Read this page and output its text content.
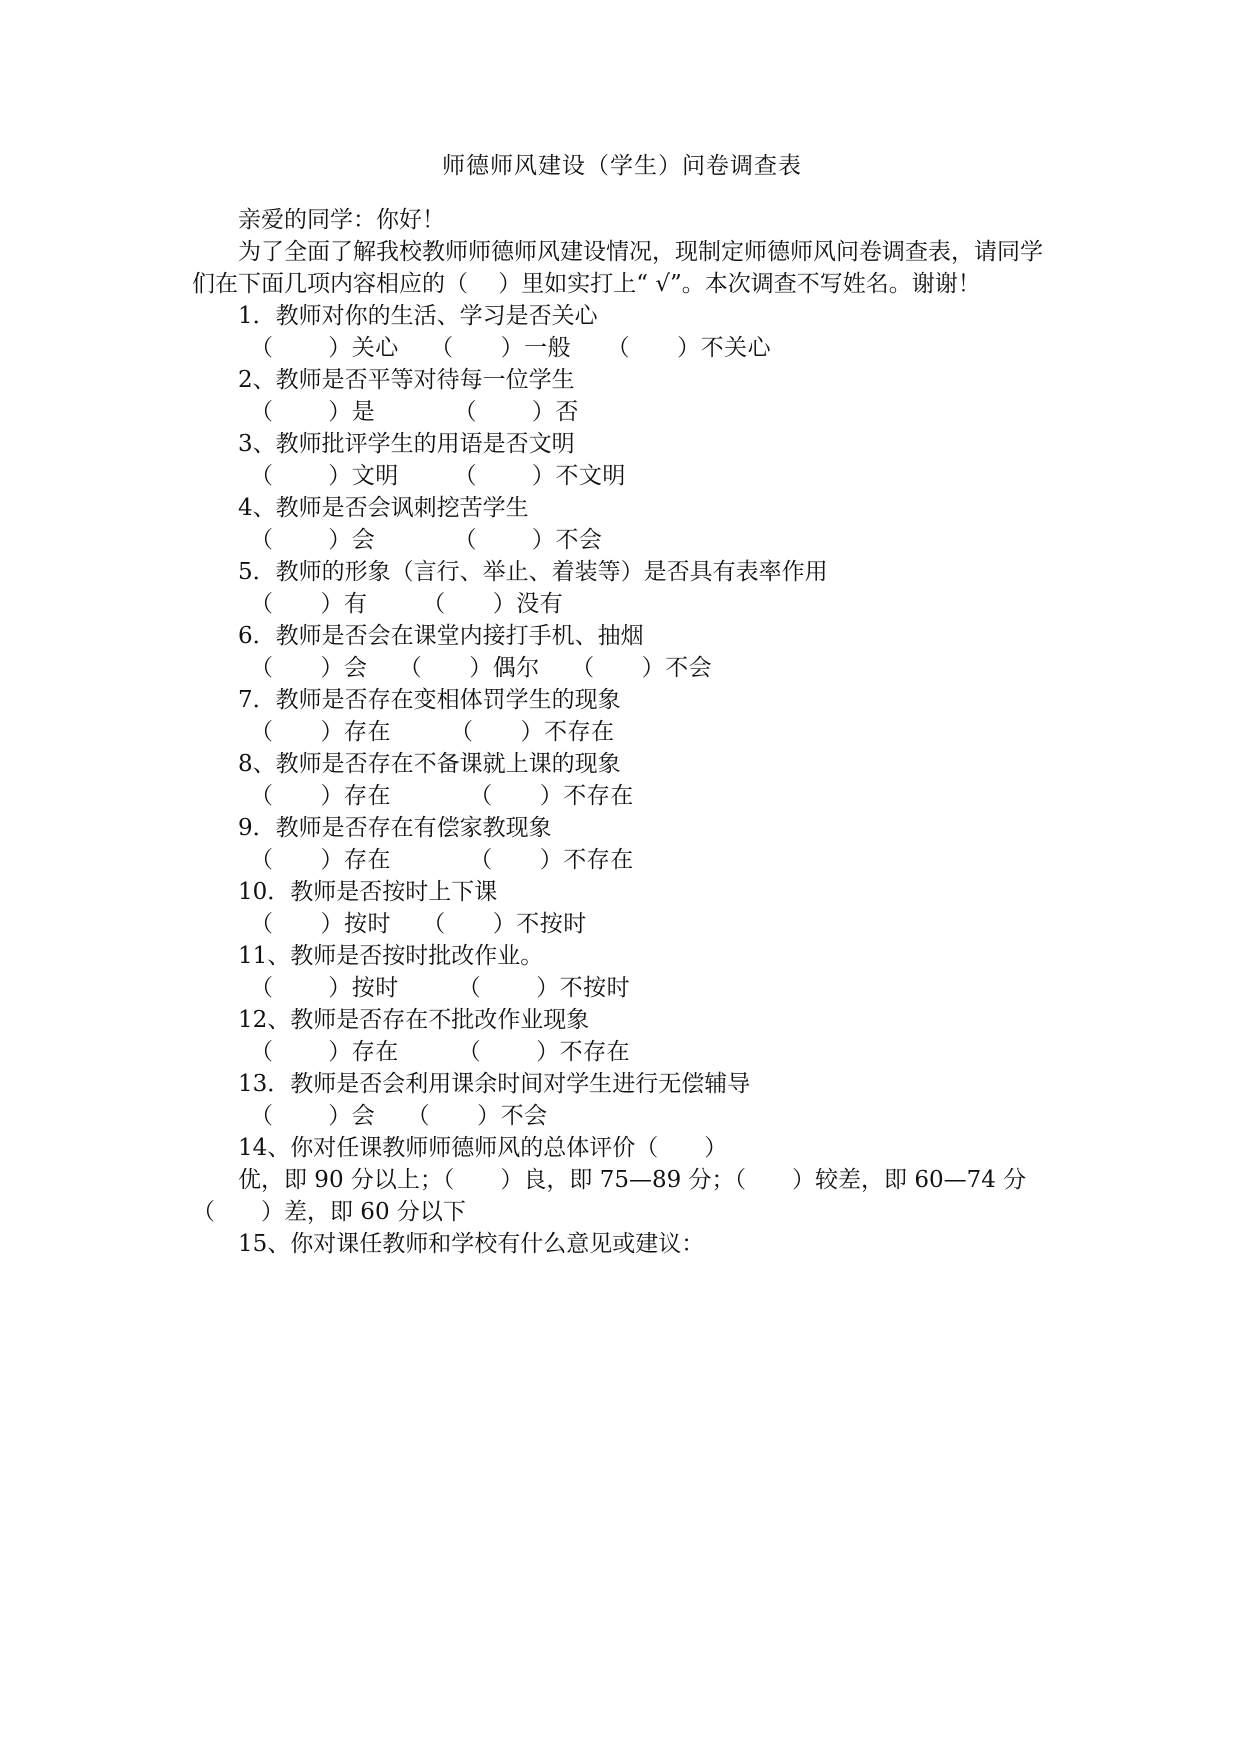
师德师风建设（学生）问卷调查表

亲爱的同学：你好！

为了全面了解我校教师师德师风建设情况，现制定师德师风问卷调查表，请同学们在下面几项内容相应的（　 ）里如实打上“ √”。本次调查不写姓名。谢谢！

1．教师对你的生活、学习是否关心

（　　 ）关心　 （　　）一般　　（　　）不关心

2、教师是否平等对待每一位学生

（　　 ）是　　　 （　　 ）否

3、教师批评学生的用语是否文明

（　　 ）文明　　 （　　 ）不文明

4、教师是否会讽刺挖苦学生

（　　 ）会　　　 （　　 ）不会

5．教师的形象（言行、举止、着装等）是否具有表率作用

（　　）有　　 （　　）没有

6．教师是否会在课堂内接打手机、抽烟

（　　）会　 （　　）偶尔　 （　　）不会

7．教师是否存在变相体罚学生的现象

（　　）存在　　　（　　）不存在

8、教师是否存在不备课就上课的现象

（　　）存在　　　 （　　）不存在

9．教师是否存在有偿家教现象

（　　）存在　　　 （　　）不存在

10．教师是否按时上下课

（　　）按时　 （　　）不按时

11、教师是否按时批改作业。

（　　 ）按时　　　（　　 ）不按时

12、教师是否存在不批改作业现象

（　　 ）存在　　　（　　 ）不存在

13．教师是否会利用课余时间对学生进行无偿辅导

（　　 ）会　 （　　）不会

14、你对任课教师师德师风的总体评价（　　）

优，即 90 分以上；（　　）良，即 75—89 分；（　　）较差，即 60—74 分（　　）差，即 60 分以下

15、你对课任教师和学校有什么意见或建议：
